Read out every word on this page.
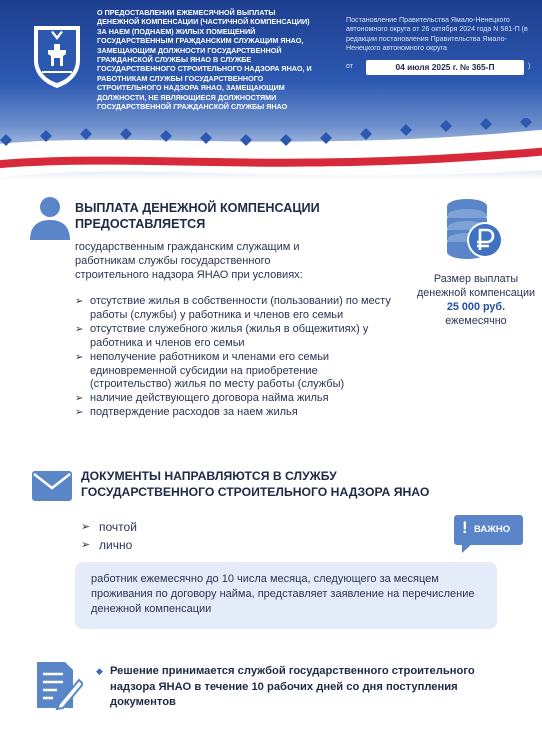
О ПРЕДОСТАВЛЕНИИ ЕЖЕМЕСЯЧНОЙ ВЫПЛАТЫ ДЕНЕЖНОЙ КОМПЕНСАЦИИ (ЧАСТИЧНОЙ КОМПЕНСАЦИИ) ЗА НАЕМ (ПОДНАЕМ) ЖИЛЫХ ПОМЕЩЕНИЙ ГОСУДАРСТВЕННЫМ ГРАЖДАНСКИМ СЛУЖАЩИМ ЯНАО, ЗАМЕЩАЮЩИМ ДОЛЖНОСТИ ГОСУДАРСТВЕННОЙ ГРАЖДАНСКОЙ СЛУЖБЫ ЯНАО В СЛУЖБЕ ГОСУДАРСТВЕННОГО СТРОИТЕЛЬНОГО НАДЗОРА ЯНАО, И РАБОТНИКАМ СЛУЖБЫ ГОСУДАРСТВЕННОГО СТРОИТЕЛЬНОГО НАДЗОРА ЯНАО, ЗАМЕЩАЮЩИМ ДОЛЖНОСТИ, НЕ ЯВЛЯЮЩИЕСЯ ДОЛЖНОСТЯМИ ГОСУДАРСТВЕННОЙ ГРАЖДАНСКОЙ СЛУЖБЫ ЯНАО
Постановление Правительства Ямало-Ненецкого автономного округа от 26 октября 2024 года N 581-П (в редакции постановления Правительства Ямало-Ненецкого автономного округа
от	04 июля 2025 г. № 365-П	)
ВЫПЛАТА ДЕНЕЖНОЙ КОМПЕНСАЦИИ ПРЕДОСТАВЛЯЕТСЯ
государственным гражданским служащим и работникам службы государственного строительного надзора ЯНАО при условиях:
➢ отсутствие жилья в собственности (пользовании) по месту работы (службы) у работника и членов его семьи
➢ отсутствие служебного жилья (жилья в общежитиях) у работника и членов его семьи
➢ неполучение работником и членами его семьи единовременной субсидии на приобретение (строительство) жилья по месту работы (службы)
➢ наличие действующего договора найма жилья
➢ подтверждение расходов за наем жилья
Размер выплаты денежной компенсации
25 000 руб.
ежемесячно
ДОКУМЕНТЫ НАПРАВЛЯЮТСЯ В СЛУЖБУ ГОСУДАРСТВЕННОГО СТРОИТЕЛЬНОГО НАДЗОРА ЯНАО
➢ почтой
➢ лично
! ВАЖНО
работник ежемесячно до 10 числа месяца, следующего за месяцем проживания по договору найма, представляет заявление на перечисление денежной компенсации
◆ Решение принимается службой государственного строительного надзора ЯНАО в течение 10 рабочих дней со дня поступления документов
